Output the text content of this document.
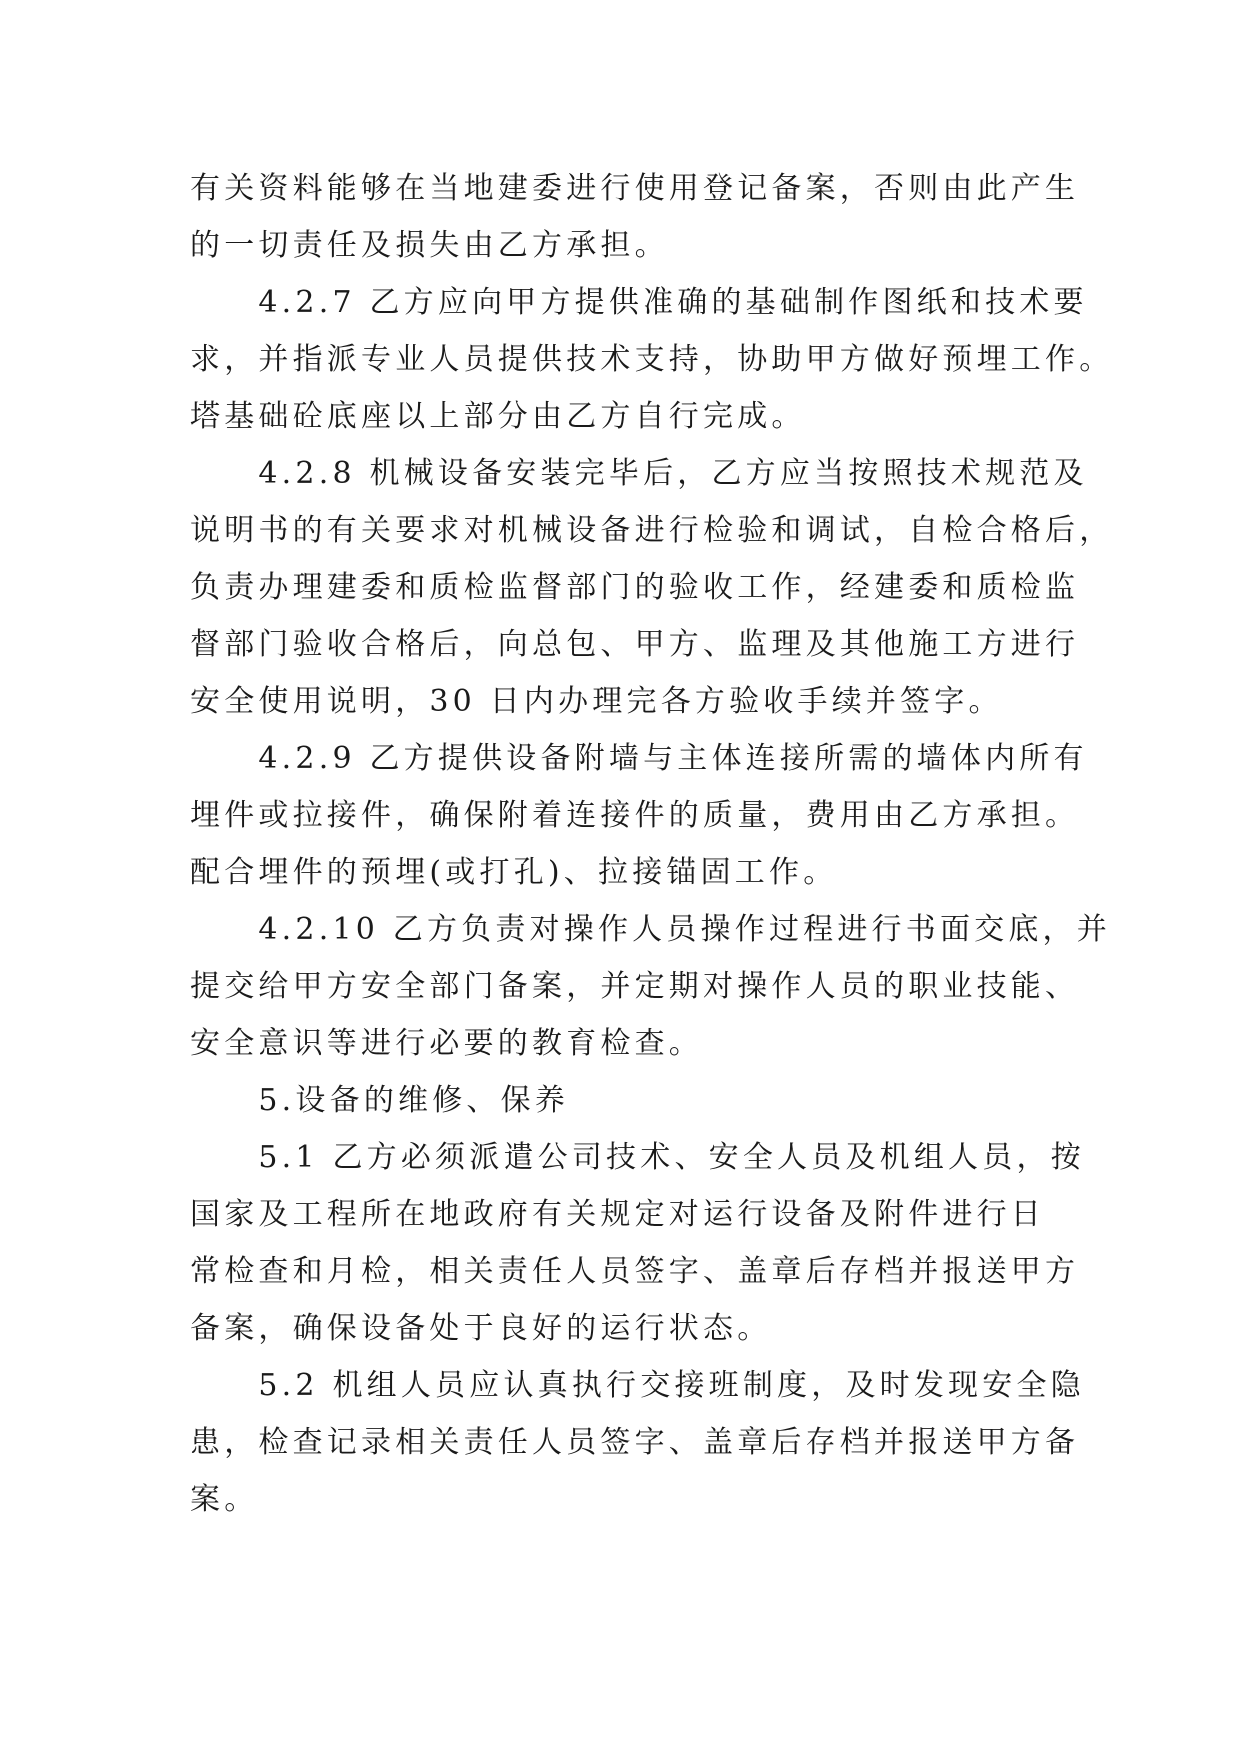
有关资料能够在当地建委进行使用登记备案，否则由此产生
的一切责任及损失由乙方承担。
　　4.2.7 乙方应向甲方提供准确的基础制作图纸和技术要
求，并指派专业人员提供技术支持，协助甲方做好预埋工作。
塔基础砼底座以上部分由乙方自行完成。
　　4.2.8 机械设备安装完毕后，乙方应当按照技术规范及
说明书的有关要求对机械设备进行检验和调试，自检合格后，
负责办理建委和质检监督部门的验收工作，经建委和质检监
督部门验收合格后，向总包、甲方、监理及其他施工方进行
安全使用说明，30 日内办理完各方验收手续并签字。
　　4.2.9 乙方提供设备附墙与主体连接所需的墙体内所有
埋件或拉接件，确保附着连接件的质量，费用由乙方承担。
配合埋件的预埋(或打孔)、拉接锚固工作。
　　4.2.10 乙方负责对操作人员操作过程进行书面交底，并
提交给甲方安全部门备案，并定期对操作人员的职业技能、
安全意识等进行必要的教育检查。
　　5.设备的维修、保养
　　5.1 乙方必须派遣公司技术、安全人员及机组人员，按
国家及工程所在地政府有关规定对运行设备及附件进行日
常检查和月检，相关责任人员签字、盖章后存档并报送甲方
备案，确保设备处于良好的运行状态。
　　5.2 机组人员应认真执行交接班制度，及时发现安全隐
患，检查记录相关责任人员签字、盖章后存档并报送甲方备
案。
